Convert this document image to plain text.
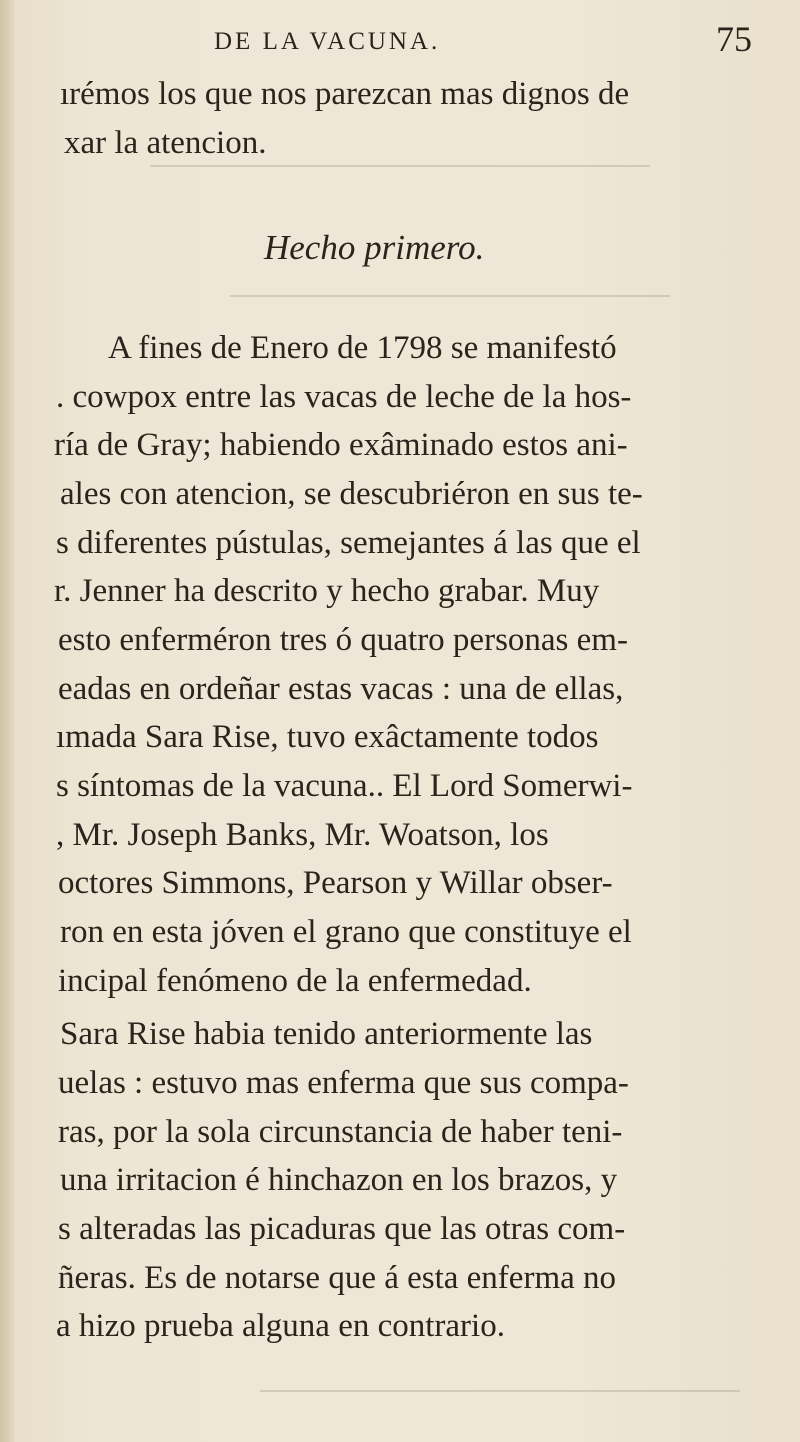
DE LA VACUNA.	75
ırémos los que nos parezcan mas dignos de
xar la atencion.
Hecho primero.
A fines de Enero de 1798 se manifestó
. cowpox entre las vacas de leche de la hos-
ría de Gray; habiendo exâminado estos ani-
ales con atencion, se descubriéron en sus te-
s diferentes pústulas, semejantes á las que el
r. Jenner ha descrito y hecho grabar. Muy
esto enferméron tres ó quatro personas em-
eadas en ordeñar estas vacas : una de ellas,
ımada Sara Rise, tuvo exâctamente todos
s síntomas de la vacuna.. El Lord Somerwi-
, Mr. Joseph Banks, Mr. Woatson, los
octores Simmons, Pearson y Willar obser-
ron en esta jóven el grano que constituye el
incipal fenómeno de la enfermedad.
Sara Rise habia tenido anteriormente las
uelas : estuvo mas enferma que sus compa-
ras, por la sola circunstancia de haber teni-
una irritacion é hinchazon en los brazos, y
s alteradas las picaduras que las otras com-
ñeras. Es de notarse que á esta enferma no
a hizo prueba alguna en contrario.
